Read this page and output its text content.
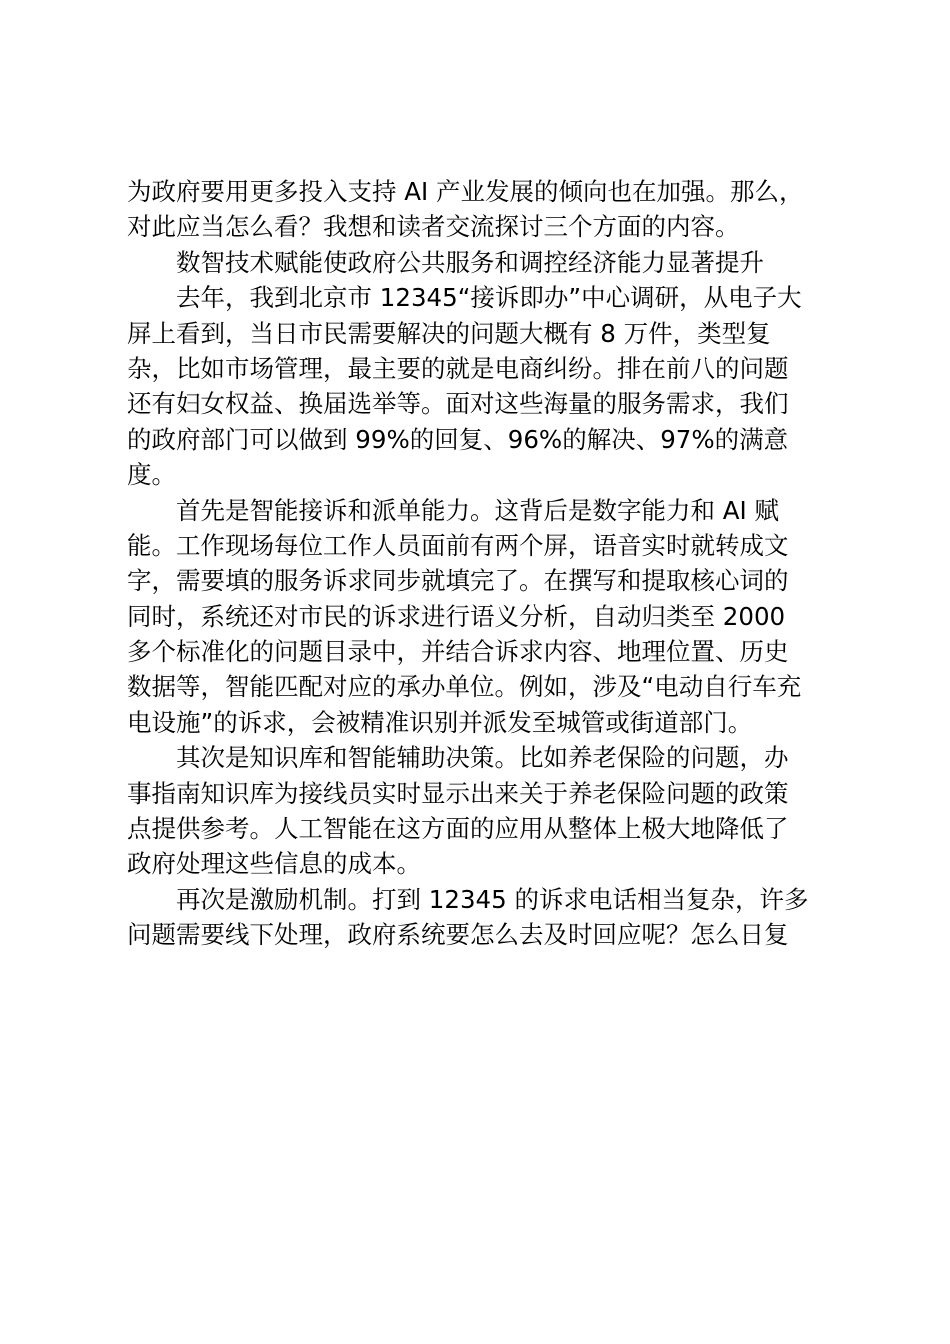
为政府要用更多投入支持 AI 产业发展的倾向也在加强。那么，
对此应当怎么看？我想和读者交流探讨三个方面的内容。

数智技术赋能使政府公共服务和调控经济能力显著提升

去年，我到北京市 12345“接诉即办”中心调研，从电子大
屏上看到，当日市民需要解决的问题大概有 8 万件，类型复
杂，比如市场管理，最主要的就是电商纠纷。排在前八的问题
还有妇女权益、换届选举等。面对这些海量的服务需求，我们
的政府部门可以做到 99%的回复、96%的解决、97%的满意
度。

首先是智能接诉和派单能力。这背后是数字能力和 AI 赋
能。工作现场每位工作人员面前有两个屏，语音实时就转成文
字，需要填的服务诉求同步就填完了。在撰写和提取核心词的
同时，系统还对市民的诉求进行语义分析，自动归类至 2000
多个标准化的问题目录中，并结合诉求内容、地理位置、历史
数据等，智能匹配对应的承办单位。例如，涉及“电动自行车充
电设施”的诉求，会被精准识别并派发至城管或街道部门。

其次是知识库和智能辅助决策。比如养老保险的问题，办
事指南知识库为接线员实时显示出来关于养老保险问题的政策
点提供参考。人工智能在这方面的应用从整体上极大地降低了
政府处理这些信息的成本。

再次是激励机制。打到 12345 的诉求电话相当复杂，许多
问题需要线下处理，政府系统要怎么去及时回应呢？怎么日复
